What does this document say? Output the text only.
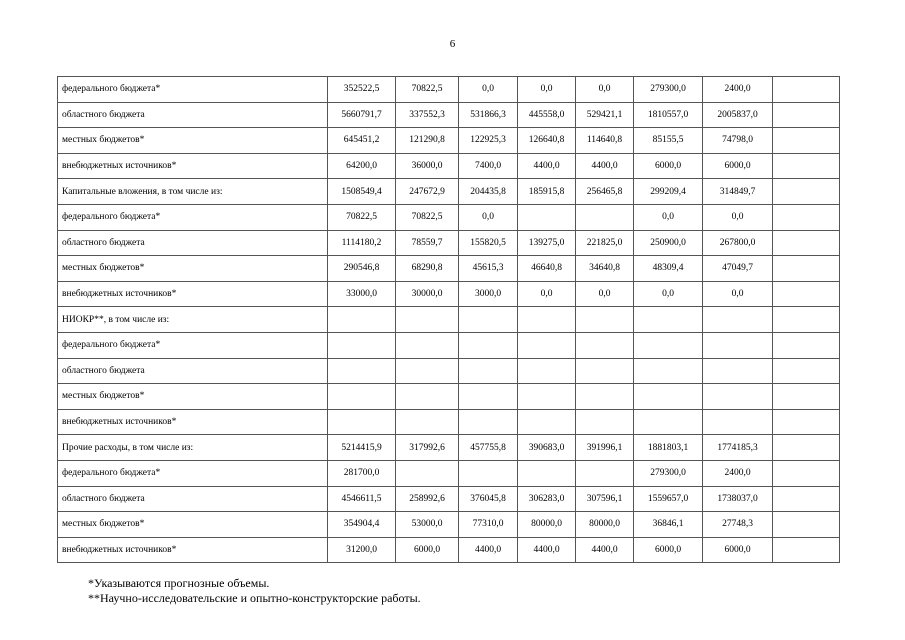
6
федерального бюджета*	352522,5	70822,5	0,0	0,0	0,0	279300,0	2400,0	
областного бюджета	5660791,7	337552,3	531866,3	445558,0	529421,1	1810557,0	2005837,0	
местных бюджетов*	645451,2	121290,8	122925,3	126640,8	114640,8	85155,5	74798,0	
внебюджетных источников*	64200,0	36000,0	7400,0	4400,0	4400,0	6000,0	6000,0	
Капитальные вложения, в том числе из:	1508549,4	247672,9	204435,8	185915,8	256465,8	299209,4	314849,7	
федерального бюджета*	70822,5	70822,5	0,0			0,0	0,0	
областного бюджета	1114180,2	78559,7	155820,5	139275,0	221825,0	250900,0	267800,0	
местных бюджетов*	290546,8	68290,8	45615,3	46640,8	34640,8	48309,4	47049,7	
внебюджетных источников*	33000,0	30000,0	3000,0	0,0	0,0	0,0	0,0	
НИОКР**, в том числе из:								
федерального бюджета*								
областного бюджета								
местных бюджетов*								
внебюджетных источников*								
Прочие расходы, в том числе из:	5214415,9	317992,6	457755,8	390683,0	391996,1	1881803,1	1774185,3	
федерального бюджета*	281700,0					279300,0	2400,0	
областного бюджета	4546611,5	258992,6	376045,8	306283,0	307596,1	1559657,0	1738037,0	
местных бюджетов*	354904,4	53000,0	77310,0	80000,0	80000,0	36846,1	27748,3	
внебюджетных источников*	31200,0	6000,0	4400,0	4400,0	4400,0	6000,0	6000,0	
*Указываются прогнозные объемы.
**Научно-исследовательские и опытно-конструкторские работы.
